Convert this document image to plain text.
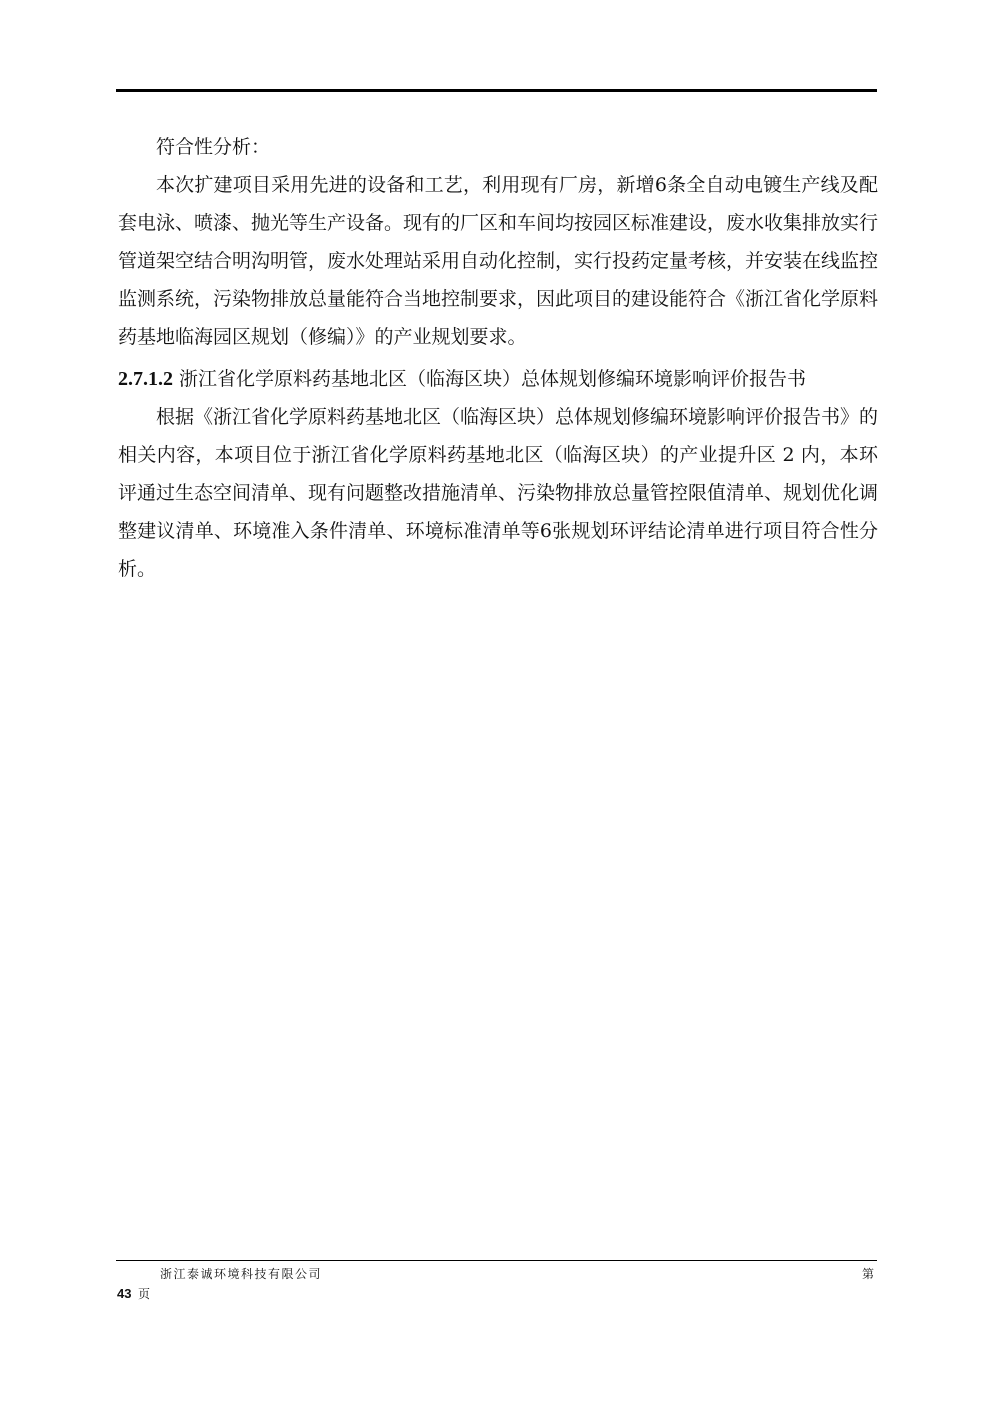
符合性分析：

本次扩建项目采用先进的设备和工艺，利用现有厂房，新增6条全自动电镀生产线及配套电泳、喷漆、抛光等生产设备。现有的厂区和车间均按园区标准建设，废水收集排放实行管道架空结合明沟明管，废水处理站采用自动化控制，实行投药定量考核，并安装在线监控监测系统，污染物排放总量能符合当地控制要求，因此项目的建设能符合《浙江省化学原料药基地临海园区规划（修编）》的产业规划要求。

2.7.1.2 浙江省化学原料药基地北区（临海区块）总体规划修编环境影响评价报告书

根据《浙江省化学原料药基地北区（临海区块）总体规划修编环境影响评价报告书》的相关内容，本项目位于浙江省化学原料药基地北区（临海区块）的产业提升区 2 内，本环评通过生态空间清单、现有问题整改措施清单、污染物排放总量管控限值清单、规划优化调整建议清单、环境准入条件清单、环境标准清单等6张规划环评结论清单进行项目符合性分析。

浙江泰诚环境科技有限公司	第
43 页
